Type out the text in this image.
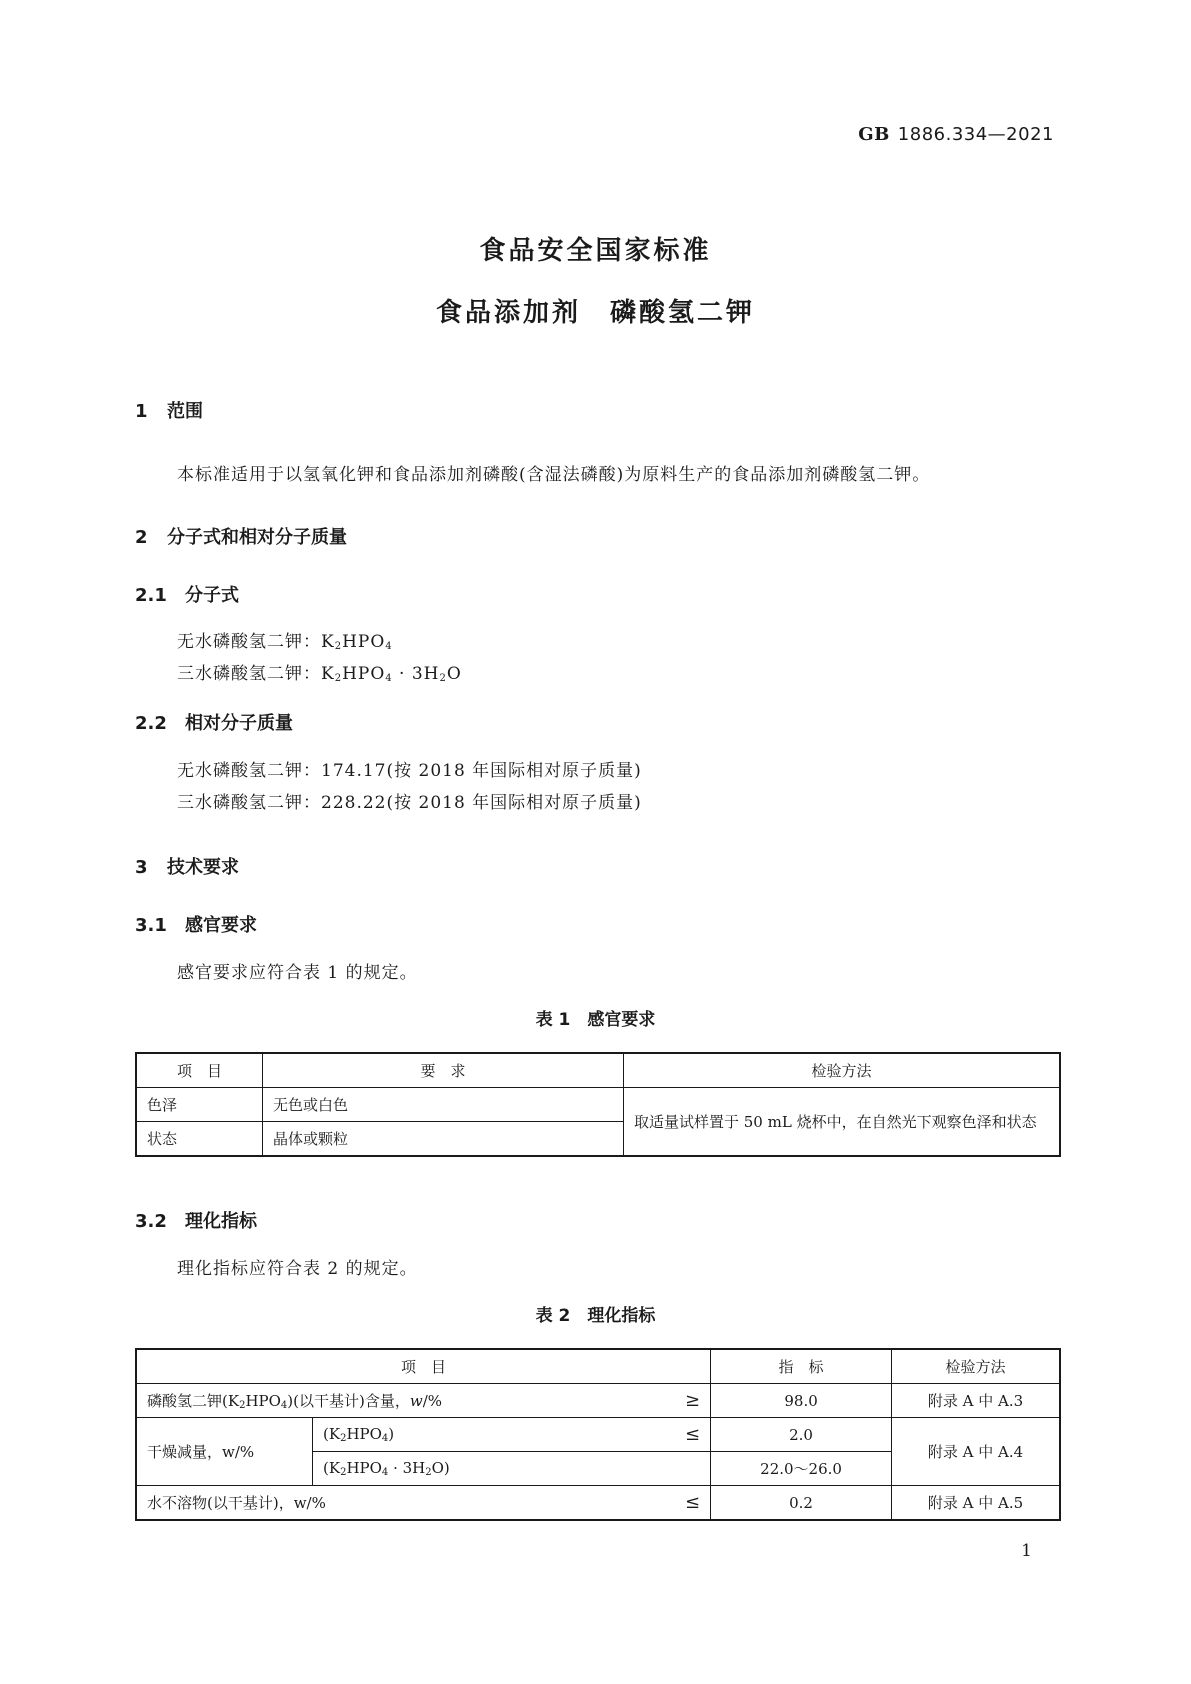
GB 1886.334—2021
食品安全国家标准
食品添加剂　磷酸氢二钾
1 范围
本标准适用于以氢氧化钾和食品添加剂磷酸(含湿法磷酸)为原料生产的食品添加剂磷酸氢二钾。
2 分子式和相对分子质量
2.1 分子式
无水磷酸氢二钾：$K_2HPO_4$
三水磷酸氢二钾：$K_2HPO_4 \cdot 3H_2O$
2.2 相对分子质量
无水磷酸氢二钾：174.17(按 2018 年国际相对原子质量)
三水磷酸氢二钾：228.22(按 2018 年国际相对原子质量)
3 技术要求
3.1 感官要求
感官要求应符合表 1 的规定。
表 1　感官要求
项　目	要　求	检验方法
色泽	无色或白色	取适量试样置于 50 mL 烧杯中，在自然光下观察色泽和状态
状态	晶体或颗粒	
3.2 理化指标
理化指标应符合表 2 的规定。
表 2　理化指标
项　目		指　标	检验方法
磷酸氢二钾$(K_2HPO_4)$(以干基计)含量，w/% ≥		98.0	附录 A 中 A.3
干燥减量，w/%	$(K_2HPO_4)$ ≤	2.0	附录 A 中 A.4
	$(K_2HPO_4 \cdot 3H_2O)$	22.0～26.0	
水不溶物(以干基计)，w/% ≤		0.2	附录 A 中 A.5
1
